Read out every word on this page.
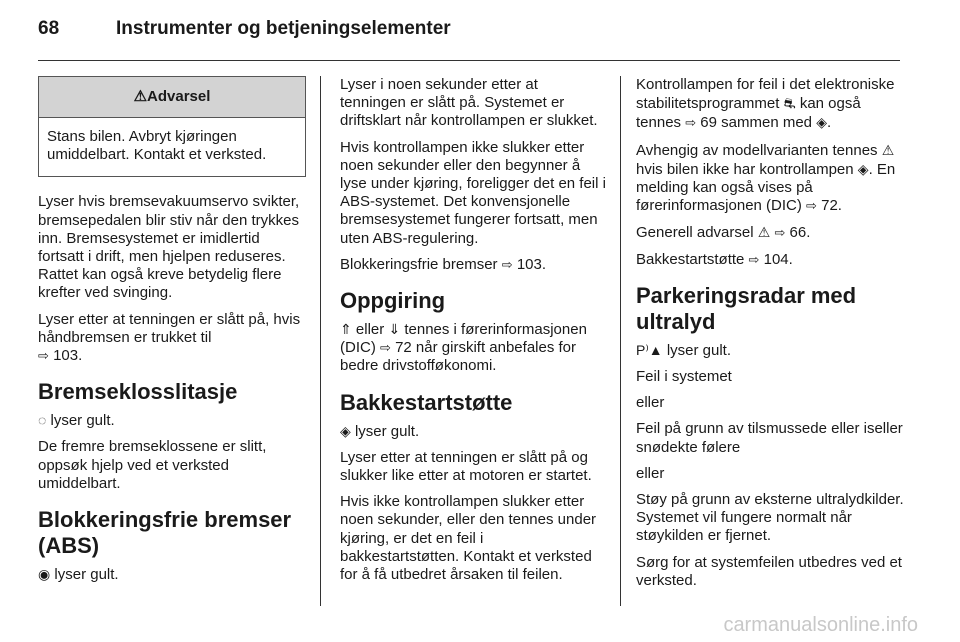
68	Instrumenter og betjeningselementer
⚠Advarsel
Stans bilen. Avbryt kjøringen umiddelbart. Kontakt et verksted.

Lyser hvis bremsevakuumservo svikter, bremsepedalen blir stiv når den trykkes inn. Bremsesystemet er imidlertid fortsatt i drift, men hjelpen reduseres. Rattet kan også kreve betydelig flere krefter ved svinging.

Lyser etter at tenningen er slått på, hvis håndbremsen er trukket til
⇨ 103.

Bremseklosslitasje

◌ lyser gult.

De fremre bremseklossene er slitt, oppsøk hjelp ved et verksted umiddelbart.

Blokkeringsfrie bremser (ABS)

◉ lyser gult.

Lyser i noen sekunder etter at tenningen er slått på. Systemet er driftsklart når kontrollampen er slukket.

Hvis kontrollampen ikke slukker etter noen sekunder eller den begynner å lyse under kjøring, foreligger det en feil i ABS-systemet. Det konvensjonelle bremsesystemet fungerer fortsatt, men uten ABS-regulering.

Blokkeringsfrie bremser ⇨ 103.

Oppgiring

⇑ eller ⇓ tennes i førerinformasjonen (DIC) ⇨ 72 når girskift anbefales for bedre drivstofføkonomi.

Bakkestartstøtte

◈ lyser gult.

Lyser etter at tenningen er slått på og slukker like etter at motoren er startet.

Hvis ikke kontrollampen slukker etter noen sekunder, eller den tennes under kjøring, er det en feil i bakkestartstøtten. Kontakt et verksted for å få utbedret årsaken til feilen.

Kontrollampen for feil i det elektroniske stabilitetsprogrammet ⛐ kan også tennes ⇨ 69 sammen med ◈.

Avhengig av modellvarianten tennes ⚠hvis bilen ikke har kontrollampen ◈. En melding kan også vises på førerinformasjonen (DIC) ⇨ 72.

Generell advarsel ⚠ ⇨ 66.

Bakkestartstøtte ⇨ 104.

Parkeringsradar med ultralyd

P⁾▲ lyser gult.

Feil i systemet

eller

Feil på grunn av tilsmussede eller iseller snødekte følere

eller

Støy på grunn av eksterne ultralydkilder. Systemet vil fungere normalt når støykilden er fjernet.

Sørg for at systemfeilen utbedres ved et verksted.

carmanualsonline.info
